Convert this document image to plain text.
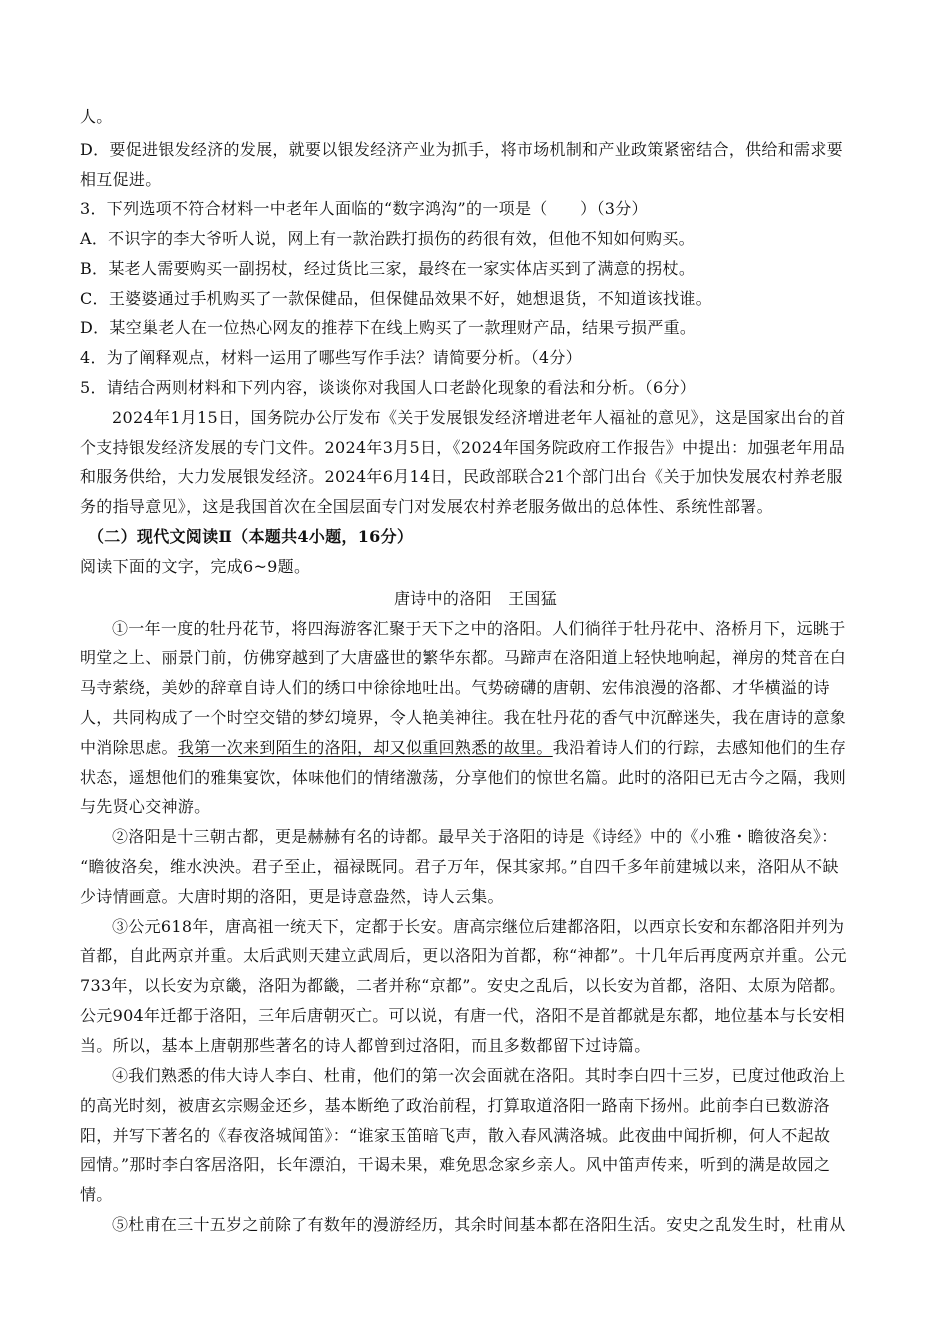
人。
D．要促进银发经济的发展，就要以银发经济产业为抓手，将市场机制和产业政策紧密结合，供给和需求要
相互促进。
3．下列选项不符合材料一中老年人面临的“数字鸿沟”的一项是（　　）（3分）
A．不识字的李大爷听人说，网上有一款治跌打损伤的药很有效，但他不知如何购买。
B．某老人需要购买一副拐杖，经过货比三家，最终在一家实体店买到了满意的拐杖。
C．王婆婆通过手机购买了一款保健品，但保健品效果不好，她想退货，不知道该找谁。
D．某空巢老人在一位热心网友的推荐下在线上购买了一款理财产品，结果亏损严重。
4．为了阐释观点，材料一运用了哪些写作手法？请简要分析。（4分）
5．请结合两则材料和下列内容，谈谈你对我国人口老龄化现象的看法和分析。（6分）
2024年1月15日，国务院办公厅发布《关于发展银发经济增进老年人福祉的意见》，这是国家出台的首
个支持银发经济发展的专门文件。2024年3月5日，《2024年国务院政府工作报告》中提出：加强老年用品
和服务供给，大力发展银发经济。2024年6月14日，民政部联合21个部门出台《关于加快发展农村养老服
务的指导意见》，这是我国首次在全国层面专门对发展农村养老服务做出的总体性、系统性部署。
（二）现代文阅读Ⅱ（本题共4小题，16分）
阅读下面的文字，完成6~9题。
唐诗中的洛阳　王国猛
①一年一度的牡丹花节，将四海游客汇聚于天下之中的洛阳。人们徜徉于牡丹花中、洛桥月下，远眺于
明堂之上、丽景门前，仿佛穿越到了大唐盛世的繁华东都。马蹄声在洛阳道上轻快地响起，禅房的梵音在白
马寺萦绕，美妙的辞章自诗人们的绣口中徐徐地吐出。气势磅礴的唐朝、宏伟浪漫的洛都、才华横溢的诗
人，共同构成了一个时空交错的梦幻境界，令人艳美神往。我在牡丹花的香气中沉醉迷失，我在唐诗的意象
中消除思虑。我第一次来到陌生的洛阳，却又似重回熟悉的故里。我沿着诗人们的行踪，去感知他们的生存
状态，遥想他们的雅集宴饮，体味他们的情绪激荡，分享他们的惊世名篇。此时的洛阳已无古今之隔，我则
与先贤心交神游。
②洛阳是十三朝古都，更是赫赫有名的诗都。最早关于洛阳的诗是《诗经》中的《小雅・瞻彼洛矣》：
“瞻彼洛矣，维水泱泱。君子至止，福禄既同。君子万年，保其家邦。”自四千多年前建城以来，洛阳从不缺
少诗情画意。大唐时期的洛阳，更是诗意盎然，诗人云集。
③公元618年，唐高祖一统天下，定都于长安。唐高宗继位后建都洛阳，以西京长安和东都洛阳并列为
首都，自此两京并重。太后武则天建立武周后，更以洛阳为首都，称“神都”。十几年后再度两京并重。公元
733年，以长安为京畿，洛阳为都畿，二者并称“京都”。安史之乱后，以长安为首都，洛阳、太原为陪都。
公元904年迁都于洛阳，三年后唐朝灭亡。可以说，有唐一代，洛阳不是首都就是东都，地位基本与长安相
当。所以，基本上唐朝那些著名的诗人都曾到过洛阳，而且多数都留下过诗篇。
④我们熟悉的伟大诗人李白、杜甫，他们的第一次会面就在洛阳。其时李白四十三岁，已度过他政治上
的高光时刻，被唐玄宗赐金还乡，基本断绝了政治前程，打算取道洛阳一路南下扬州。此前李白已数游洛
阳，并写下著名的《春夜洛城闻笛》：“谁家玉笛暗飞声，散入春风满洛城。此夜曲中闻折柳，何人不起故
园情。”那时李白客居洛阳，长年漂泊，干谒未果，难免思念家乡亲人。风中笛声传来，听到的满是故园之
情。
⑤杜甫在三十五岁之前除了有数年的漫游经历，其余时间基本都在洛阳生活。安史之乱发生时，杜甫从
